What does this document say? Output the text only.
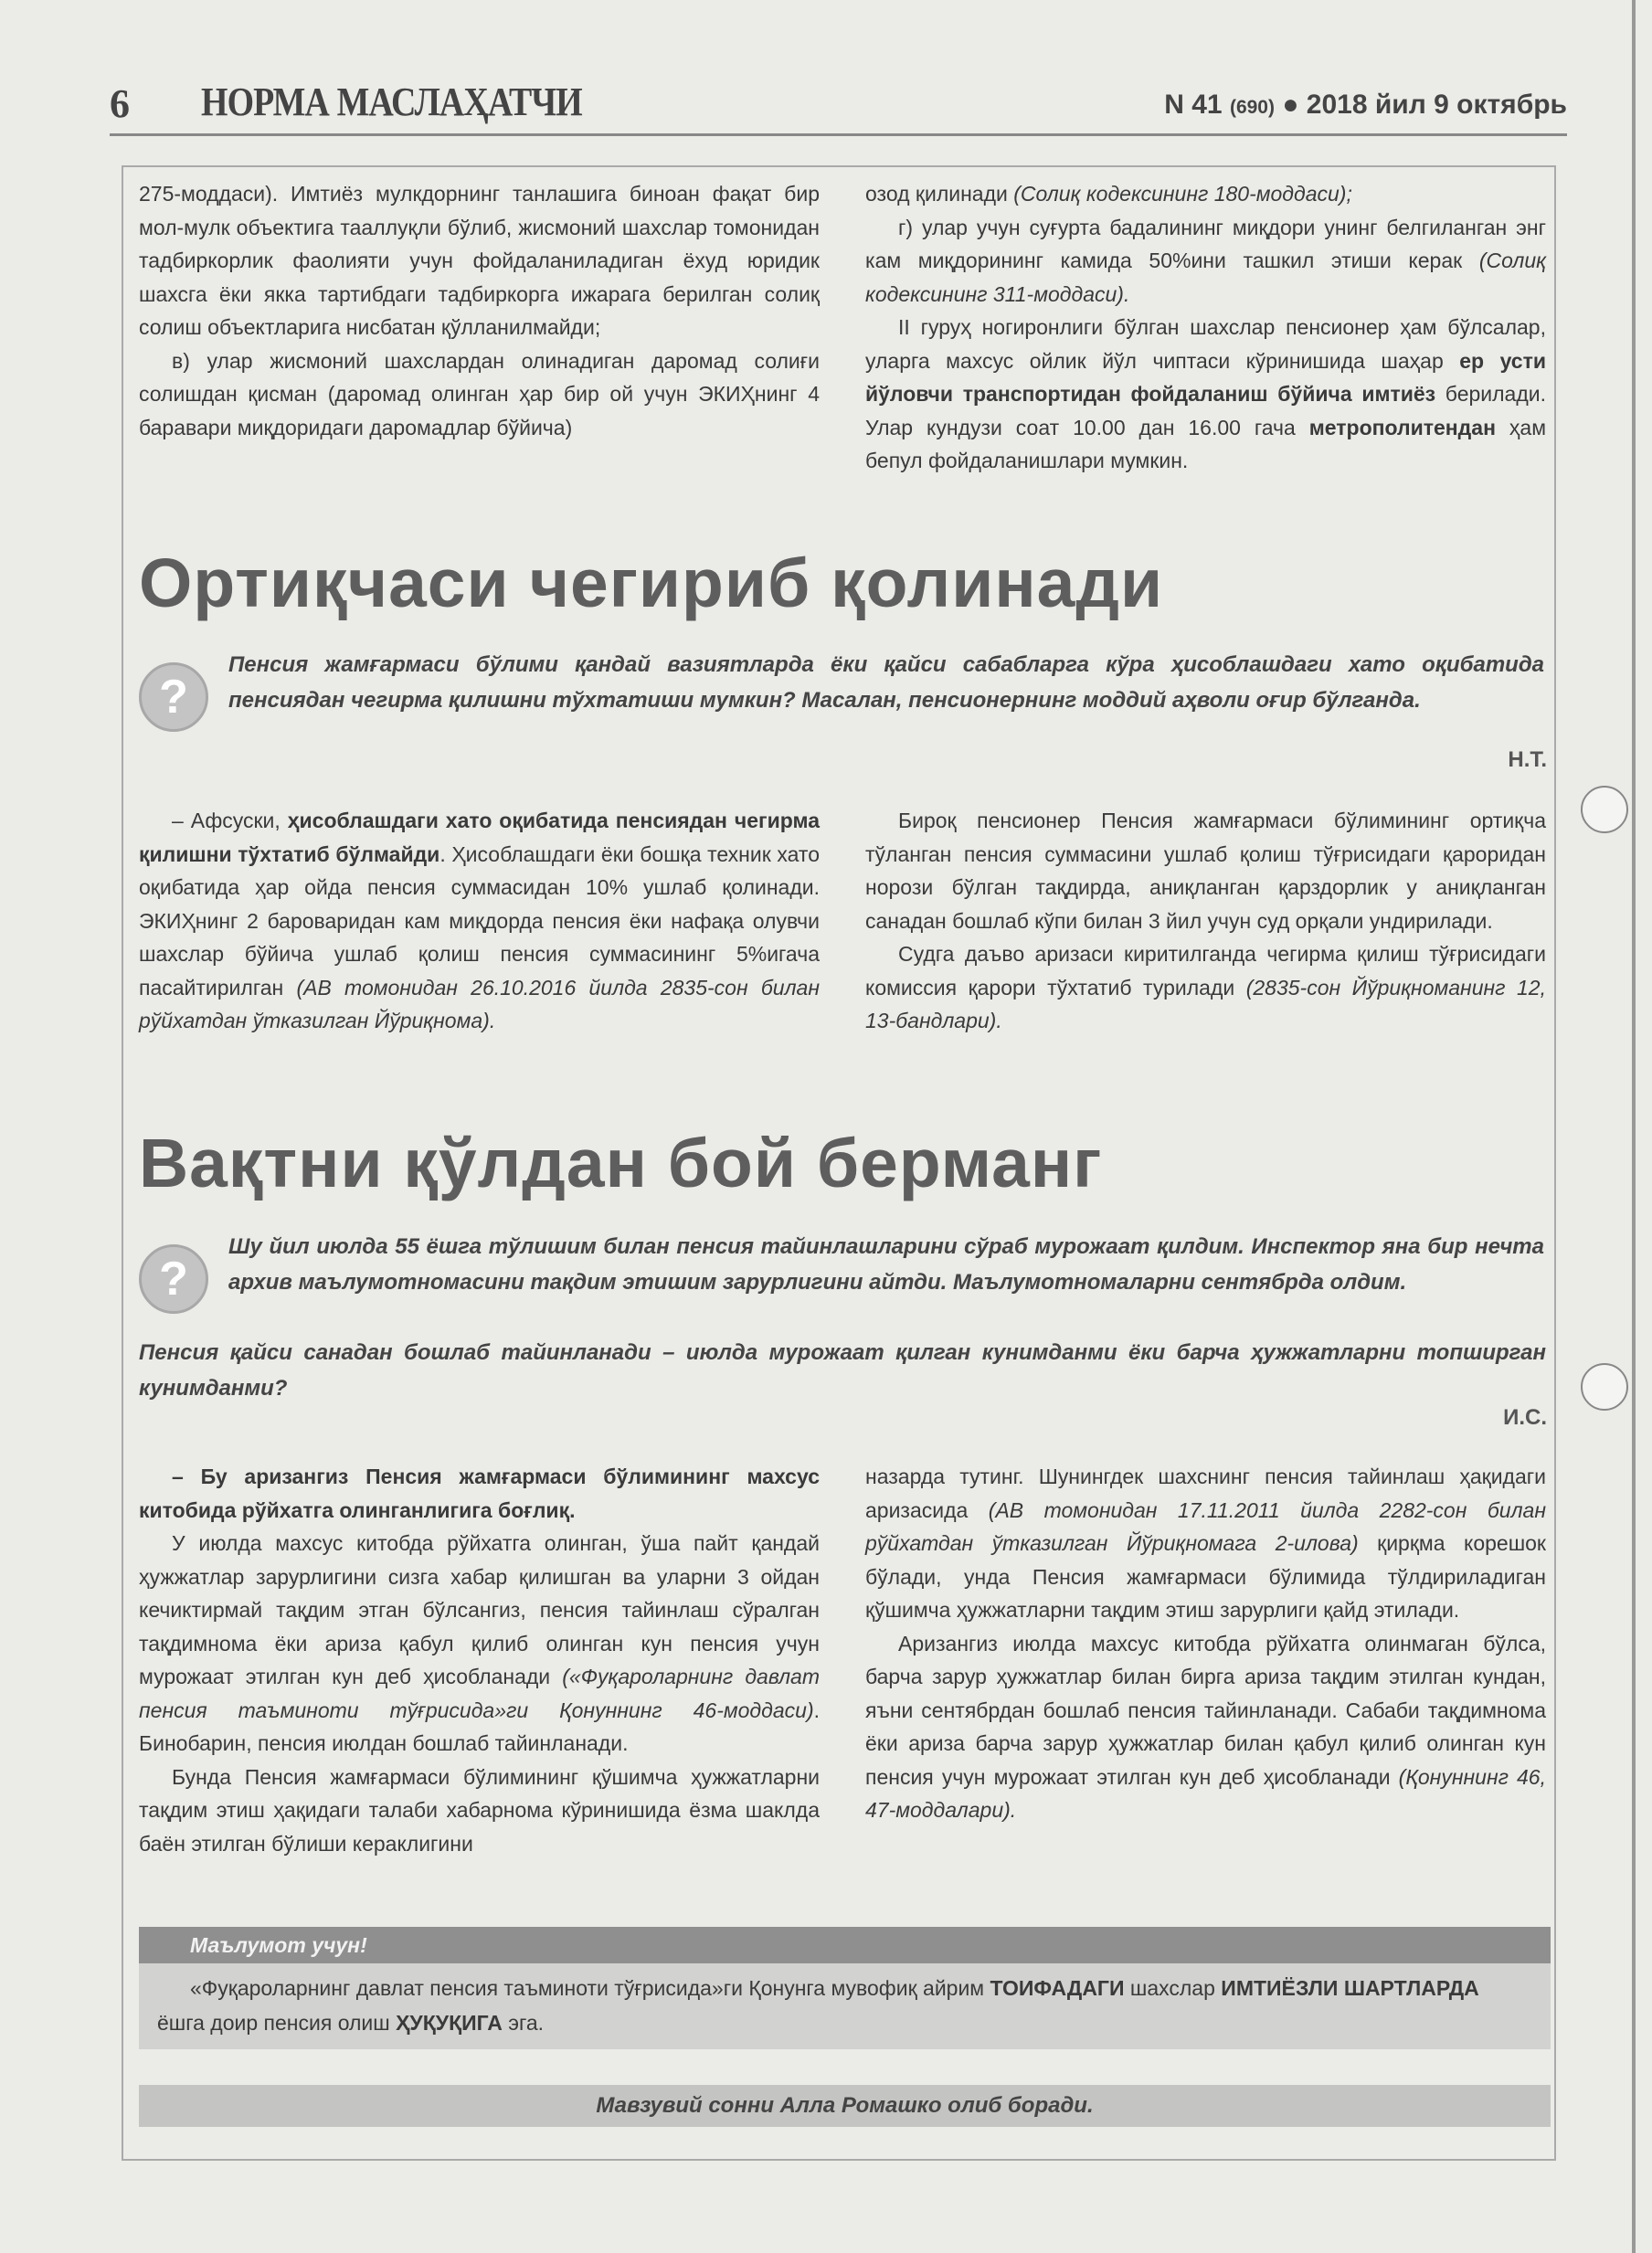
6 НОРМА МАСЛАҲАТЧИ	N 41 (690) ● 2018 йил 9 октябрь

275-моддаси). Имтиёз мулкдорнинг танлашига биноан фақат бир мол-мулк объектига тааллуқли бўлиб, жисмоний шахслар томонидан тадбиркорлик фаолияти учун фойдаланиладиган ёхуд юридик шахсга ёки якка тартибдаги тадбиркорга ижарага берилган солиқ солиш объектларига нисбатан қўлланилмайди;

в) улар жисмоний шахслардан олинадиган даромад солиғи солишдан қисман (даромад олинган ҳар бир ой учун ЭКИҲнинг 4 баравари миқдоридаги даромадлар бўйича)

озод қилинади (Солиқ кодексининг 180-моддаси);

г) улар учун суғурта бадалининг миқдори унинг белгиланган энг кам миқдорининг камида 50%ини ташкил этиши керак (Солиқ кодексининг 311-моддаси).

II гуруҳ ногиронлиги бўлган шахслар пенсионер ҳам бўлсалар, уларга махсус ойлик йўл чиптаси кўринишида шаҳар ер усти йўловчи транспортидан фойдаланиш бўйича имтиёз берилади. Улар кундузи соат 10.00 дан 16.00 гача метрополитендан ҳам бепул фойдаланишлари мумкин.

Ортиқчаси чегириб қолинади
?
Пенсия жамғармаси бўлими қандай вазиятларда ёки қайси сабабларга кўра ҳисоблашдаги хато оқибатида пенсиядан чегирма қилишни тўхтатиши мумкин? Масалан, пенсионернинг моддий аҳволи оғир бўлганда.
Н.Т.

– Афсуски, ҳисоблашдаги хато оқибатида пенсиядан чегирма қилишни тўхтатиб бўлмайди. Ҳисоблашдаги ёки бошқа техник хато оқибатида ҳар ойда пенсия суммасидан 10% ушлаб қолинади. ЭКИҲнинг 2 бароваридан кам миқдорда пенсия ёки нафақа олувчи шахслар бўйича ушлаб қолиш пенсия суммасининг 5%игача пасайтирилган (АВ томонидан 26.10.2016 йилда 2835-сон билан рўйхатдан ўтказилган Йўриқнома).

Бироқ пенсионер Пенсия жамғармаси бўлимининг ортиқча тўланган пенсия суммасини ушлаб қолиш тўғрисидаги қароридан норози бўлган тақдирда, аниқланган қарздорлик у аниқланган санадан бошлаб кўпи билан 3 йил учун суд орқали ундирилади.

Судга даъво аризаси киритилганда чегирма қилиш тўғрисидаги комиссия қарори тўхтатиб турилади (2835-сон Йўриқноманинг 12, 13-бандлари).

Вақтни қўлдан бой берманг
?
Шу йил июлда 55 ёшга тўлишим билан пенсия тайинлашларини сўраб мурожаат қилдим. Инспектор яна бир нечта архив маълумотномасини тақдим этишим зарурлигини айтди. Маълумотномаларни сентябрда олдим.
Пенсия қайси санадан бошлаб тайинланади – июлда мурожаат қилган кунимданми ёки барча ҳужжатларни топширган кунимданми?
И.С.

– Бу аризангиз Пенсия жамғармаси бўлимининг махсус китобида рўйхатга олинганлигига боғлиқ.

У июлда махсус китобда рўйхатга олинган, ўша пайт қандай ҳужжатлар зарурлигини сизга хабар қилишган ва уларни 3 ойдан кечиктирмай тақдим этган бўлсангиз, пенсия тайинлаш сўралган тақдимнома ёки ариза қабул қилиб олинган кун пенсия учун мурожаат этилган кун деб ҳисобланади («Фуқароларнинг давлат пенсия таъминоти тўғрисида»ги Қонуннинг 46-моддаси). Бинобарин, пенсия июлдан бошлаб тайинланади.

Бунда Пенсия жамғармаси бўлимининг қўшимча ҳужжатларни тақдим этиш ҳақидаги талаби хабарнома кўринишида ёзма шаклда баён этилган бўлиши кераклигини

назарда тутинг. Шунингдек шахснинг пенсия тайинлаш ҳақидаги аризасида (АВ томонидан 17.11.2011 йилда 2282-сон билан рўйхатдан ўтказилган Йўриқномага 2-илова) қирқма корешок бўлади, унда Пенсия жамғармаси бўлимида тўлдириладиган қўшимча ҳужжатларни тақдим этиш зарурлиги қайд этилади.

Аризангиз июлда махсус китобда рўйхатга олинмаган бўлса, барча зарур ҳужжатлар билан бирга ариза тақдим этилган кундан, яъни сентябрдан бошлаб пенсия тайинланади. Сабаби тақдимнома ёки ариза барча зарур ҳужжатлар билан қабул қилиб олинган кун пенсия учун мурожаат этилган кун деб ҳисобланади (Қонуннинг 46, 47-моддалари).

Маълумот учун!
«Фуқароларнинг давлат пенсия таъминоти тўғрисида»ги Қонунга мувофиқ айрим ТОИФАДАГИ шахслар ИМТИЁЗЛИ ШАРТЛАРДА ёшга доир пенсия олиш ҲУҚУҚИГА эга.
Мавзувий сонни Алла Ромашко олиб боради.
